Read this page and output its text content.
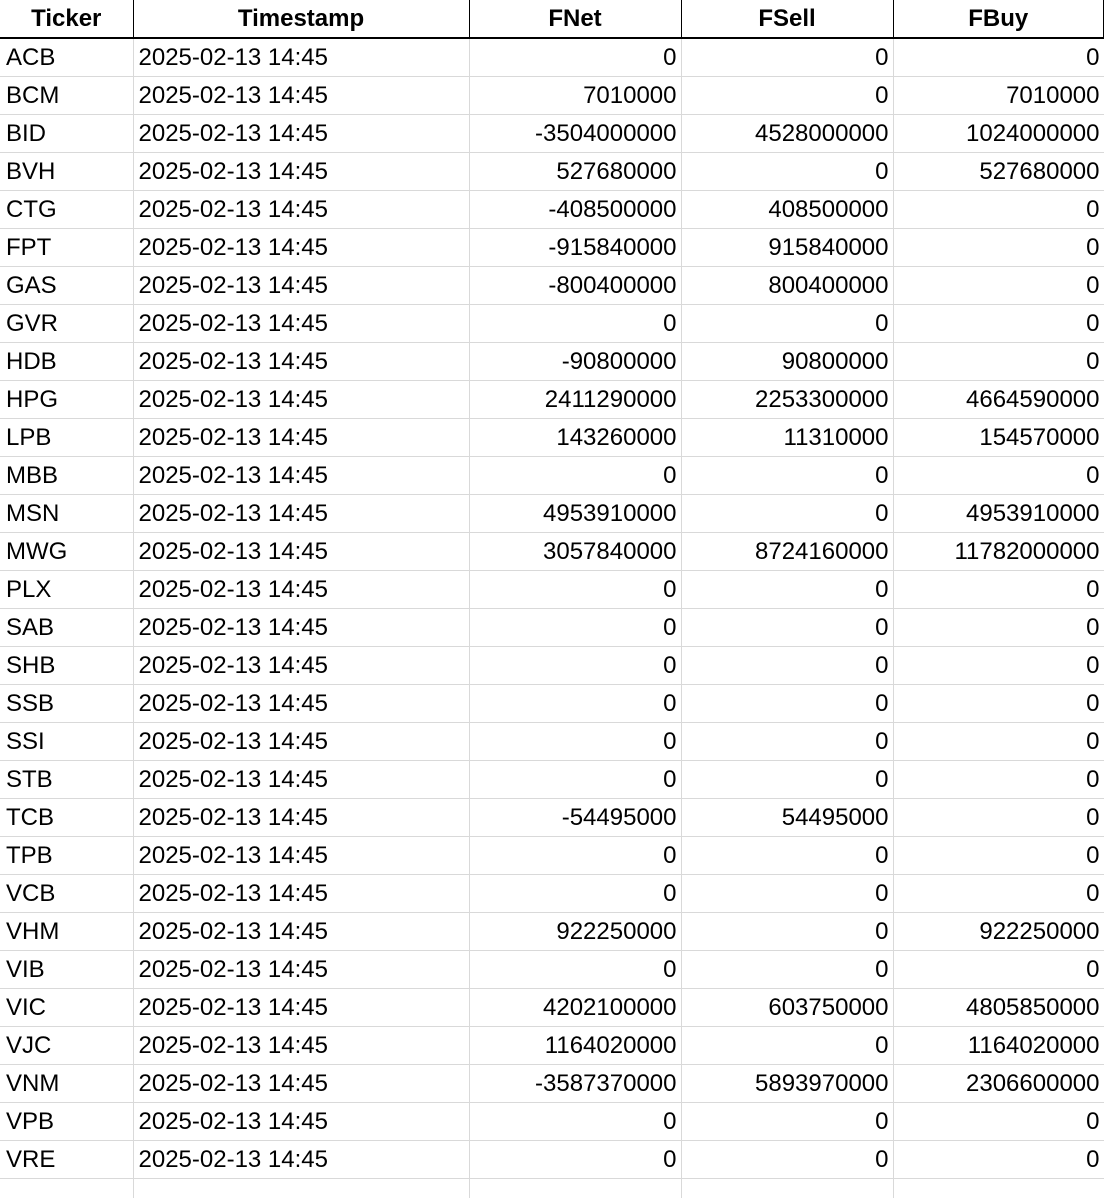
Ticker	Timestamp	FNet	FSell	FBuy
ACB	2025-02-13 14:45	0	0	0
BCM	2025-02-13 14:45	7010000	0	7010000
BID	2025-02-13 14:45	-3504000000	4528000000	1024000000
BVH	2025-02-13 14:45	527680000	0	527680000
CTG	2025-02-13 14:45	-408500000	408500000	0
FPT	2025-02-13 14:45	-915840000	915840000	0
GAS	2025-02-13 14:45	-800400000	800400000	0
GVR	2025-02-13 14:45	0	0	0
HDB	2025-02-13 14:45	-90800000	90800000	0
HPG	2025-02-13 14:45	2411290000	2253300000	4664590000
LPB	2025-02-13 14:45	143260000	11310000	154570000
MBB	2025-02-13 14:45	0	0	0
MSN	2025-02-13 14:45	4953910000	0	4953910000
MWG	2025-02-13 14:45	3057840000	8724160000	11782000000
PLX	2025-02-13 14:45	0	0	0
SAB	2025-02-13 14:45	0	0	0
SHB	2025-02-13 14:45	0	0	0
SSB	2025-02-13 14:45	0	0	0
SSI	2025-02-13 14:45	0	0	0
STB	2025-02-13 14:45	0	0	0
TCB	2025-02-13 14:45	-54495000	54495000	0
TPB	2025-02-13 14:45	0	0	0
VCB	2025-02-13 14:45	0	0	0
VHM	2025-02-13 14:45	922250000	0	922250000
VIB	2025-02-13 14:45	0	0	0
VIC	2025-02-13 14:45	4202100000	603750000	4805850000
VJC	2025-02-13 14:45	1164020000	0	1164020000
VNM	2025-02-13 14:45	-3587370000	5893970000	2306600000
VPB	2025-02-13 14:45	0	0	0
VRE	2025-02-13 14:45	0	0	0
